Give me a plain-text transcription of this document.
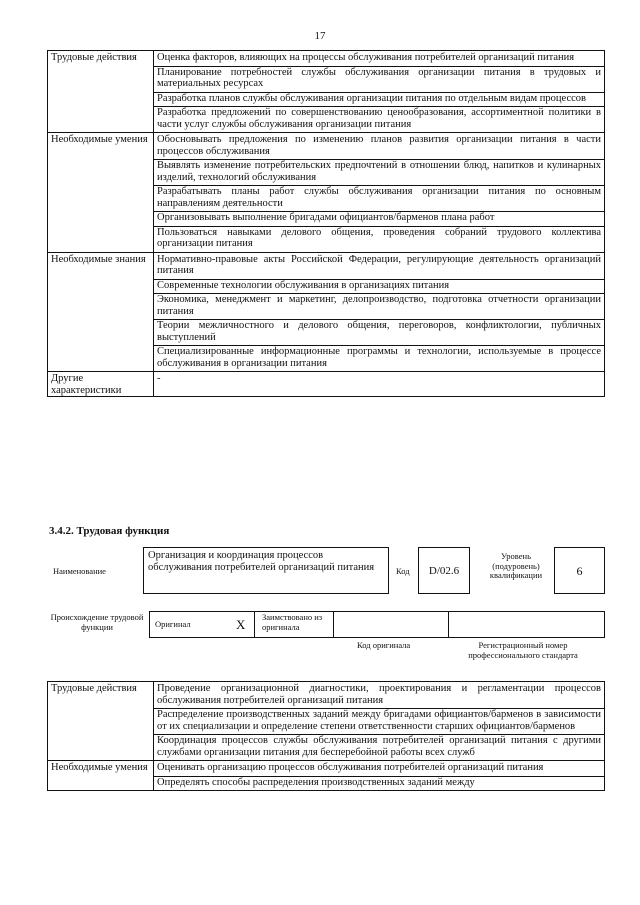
17
Трудовые действия	Оценка факторов, влияющих на процессы обслуживания потребителей организаций питания
Планирование потребностей службы обслуживания организации питания в трудовых и материальных ресурсах
Разработка планов службы обслуживания организации питания по отдельным видам процессов
Разработка предложений по совершенствованию ценообразования, ассортиментной политики в части услуг службы обслуживания организации питания

Необходимые умения	Обосновывать предложения по изменению планов развития организации питания в части процессов обслуживания
Выявлять изменение потребительских предпочтений в отношении блюд, напитков и кулинарных изделий, технологий обслуживания
Разрабатывать планы работ службы обслуживания организации питания по основным направлениям деятельности
Организовывать выполнение бригадами официантов/барменов плана работ
Пользоваться навыками делового общения, проведения собраний трудового коллектива организации питания

Необходимые знания	Нормативно-правовые акты Российской Федерации, регулирующие деятельность организаций питания
Современные технологии обслуживания в организациях питания
Экономика, менеджмент и маркетинг, делопроизводство, подготовка отчетности организации питания
Теории межличностного и делового общения, переговоров, конфликтологии, публичных выступлений
Специализированные информационные программы и технологии, используемые в процессе обслуживания в организации питания

Другие характеристики	-
3.4.2. Трудовая функция
Наименование
Организация и координация процессов обслуживания потребителей организаций питания	Код	D/02.6
Уровень (подуровень) квалификации	6
Происхождение трудовой функции	Оригинал	X Заимствовано из оригинала
Код оригинала	Регистрационный номер профессионального стандарта
Трудовые действия	Проведение организационной диагностики, проектирования и регламентации процессов обслуживания потребителей организаций питания
Распределение производственных заданий между бригадами официантов/барменов в зависимости от их специализации и определение степени ответственности старших официантов/барменов
Координация процессов службы обслуживания потребителей организаций питания с другими службами организации питания для бесперебойной работы всех служб

Необходимые умения	Оценивать организацию процессов обслуживания потребителей организаций питания
Определять способы распределения производственных заданий между
